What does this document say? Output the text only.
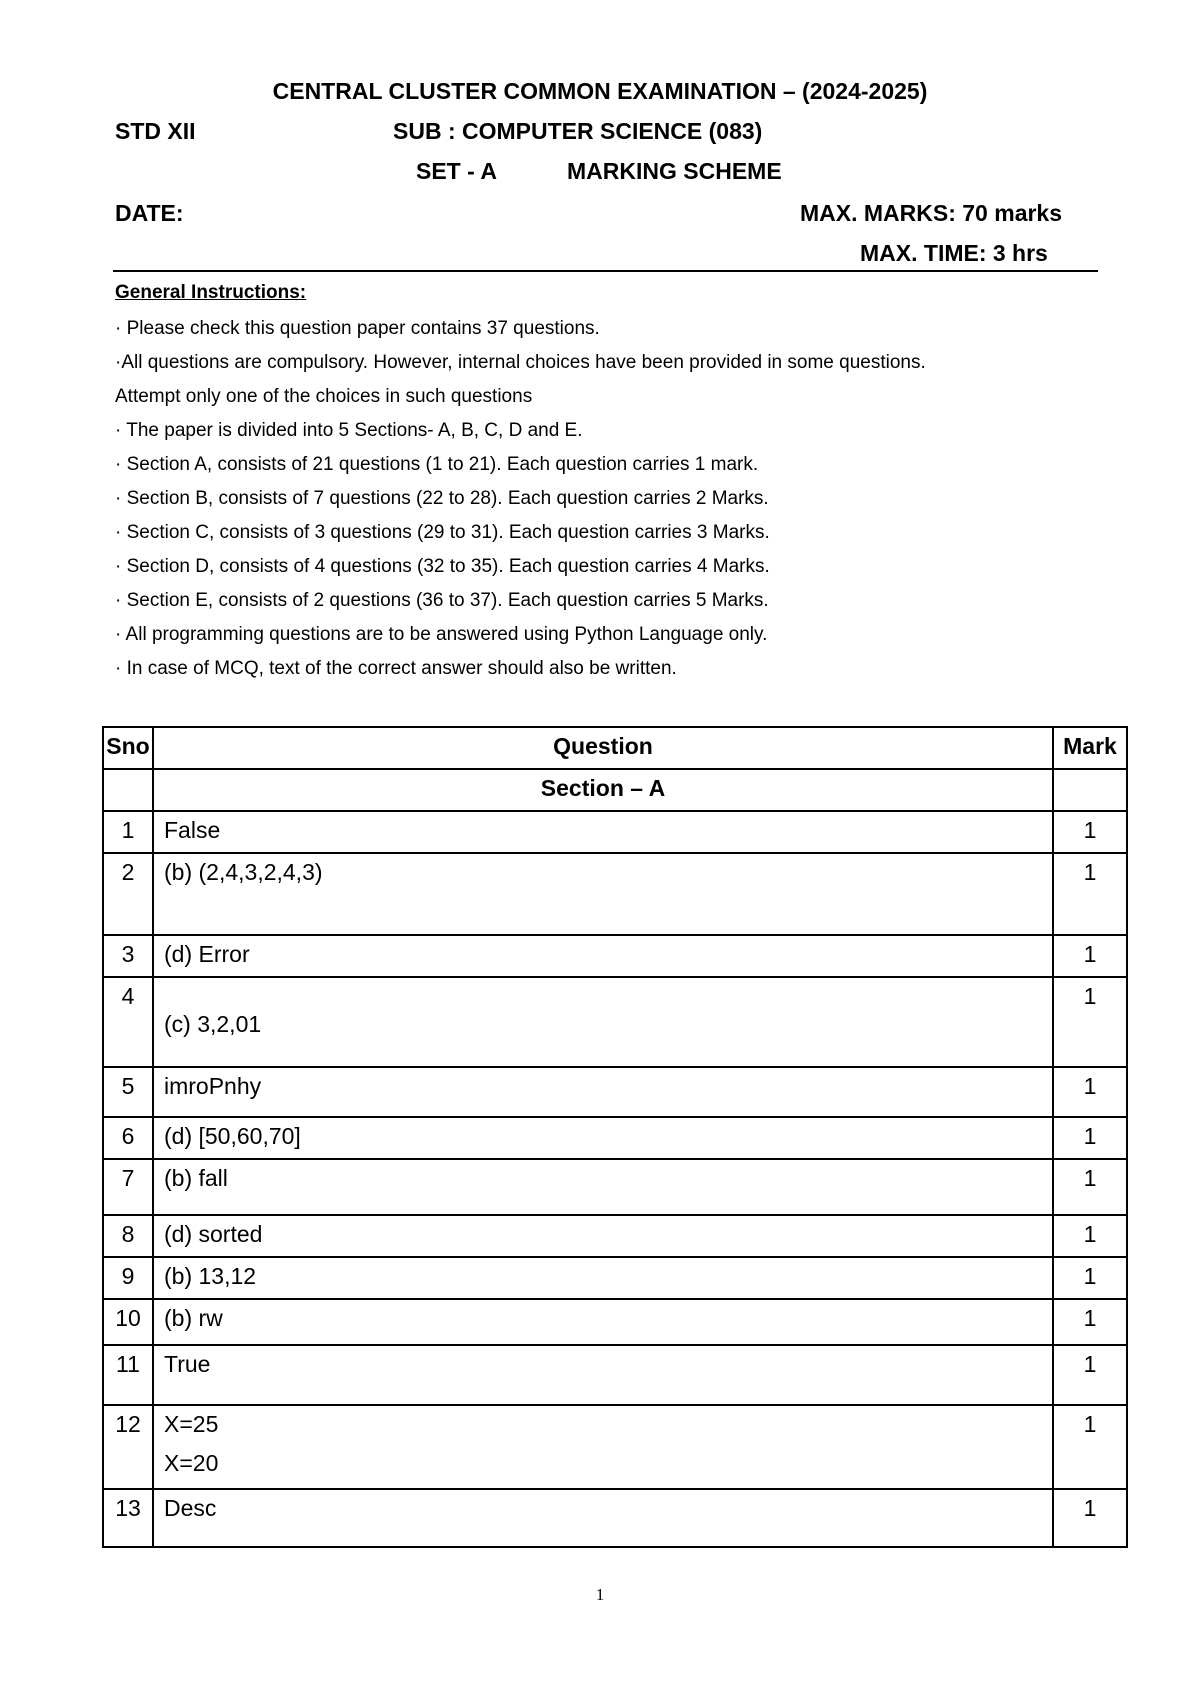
CENTRAL CLUSTER COMMON EXAMINATION – (2024-2025)
STD XII	SUB : COMPUTER SCIENCE (083)
SET - A	MARKING SCHEME
DATE:	MAX. MARKS: 70 marks
MAX. TIME: 3 hrs
General Instructions:
· Please check this question paper contains 37 questions.
·All questions are compulsory. However, internal choices have been provided in some questions.
Attempt only one of the choices in such questions
· The paper is divided into 5 Sections- A, B, C, D and E.
· Section A, consists of 21 questions (1 to 21). Each question carries 1 mark.
· Section B, consists of 7 questions (22 to 28). Each question carries 2 Marks.
· Section C, consists of 3 questions (29 to 31). Each question carries 3 Marks.
· Section D, consists of 4 questions (32 to 35). Each question carries 4 Marks.
· Section E, consists of 2 questions (36 to 37). Each question carries 5 Marks.
· All programming questions are to be answered using Python Language only.
· In case of MCQ, text of the correct answer should also be written.
Sno	Question	Mark
	Section – A	
1	False	1
2	(b) (2,4,3,2,4,3)	1
3	(d) Error	1
4	(c) 3,2,01	1
5	imroPnhy	1
6	(d) [50,60,70]	1
7	(b) fall	1
8	(d) sorted	1
9	(b) 13,12	1
10	(b) rw	1
11	True	1
12	X=25
X=20	1
13	Desc	1
1
